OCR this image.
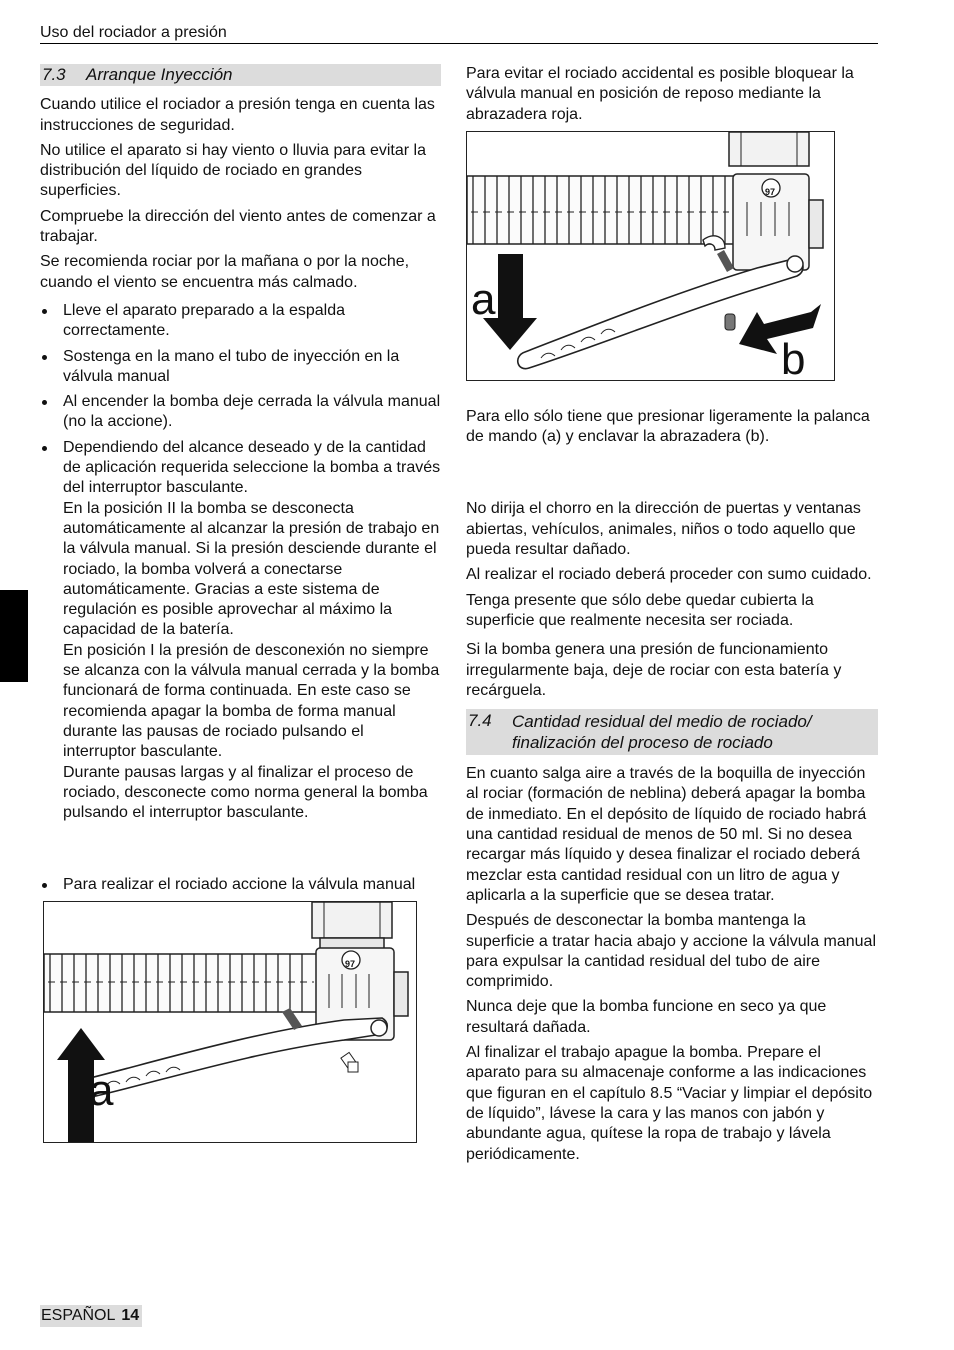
Uso del rociador a presión
7.3 Arranque Inyección

Cuando utilice el rociador a presión tenga en cuenta las instrucciones de seguridad.

No utilice el aparato si hay viento o lluvia para evitar la distribución del líquido de rociado en grandes superficies.

Compruebe la dirección del viento antes de comenzar a trabajar.

Se recomienda rociar por la mañana o por la noche, cuando el viento se encuentra más calmado.

Lleve el aparato preparado a la espalda correctamente.
Sostenga en la mano el tubo de inyección en la válvula manual
Al encender la bomba deje cerrada la válvula manual (no la accione).
Dependiendo del alcance deseado y de la cantidad de aplicación requerida seleccione la bomba a través del interruptor basculante.
En la posición II la bomba se desconecta automáticamente al alcanzar la presión de trabajo en la válvula manual. Si la presión desciende durante el rociado, la bomba volverá a conectarse automáticamente. Gracias a este sistema de regulación es posible aprovechar al máximo la capacidad de la batería.
En posición I la presión de desconexión no siempre se alcanza con la válvula manual cerrada y la bomba funcionará de forma continuada. En este caso se recomienda apagar la bomba de forma manual durante las pausas de rociado pulsando el interruptor basculante.
Durante pausas largas y al finalizar el proceso de rociado, desconecte como norma general la bomba pulsando el interruptor basculante.
Para realizar el rociado accione la válvula manual
a
97

Para evitar el rociado accidental es posible bloquear la válvula manual en posición de reposo mediante la abrazadera roja.

a
b
97

Para ello sólo tiene que presionar ligeramente la palanca de mando (a) y enclavar la abrazadera (b).

No dirija el chorro en la dirección de puertas y ventanas abiertas, vehículos, animales, niños o todo aquello que pueda resultar dañado.

Al realizar el rociado deberá proceder con sumo cuidado.

Tenga presente que sólo debe quedar cubierta la superficie que realmente necesita ser rociada.

Si la bomba genera una presión de funcionamiento irregularmente baja, deje de rociar con esta batería y recárguela.

7.4	Cantidad residual del medio de rociado/ finalización del proceso de rociado

En cuanto salga aire a través de la boquilla de inyección al rociar (formación de neblina) deberá apagar la bomba de inmediato. En el depósito de líquido de rociado habrá una cantidad residual de menos de 50 ml. Si no desea recargar más líquido y desea finalizar el rociado deberá mezclar esta cantidad residual con un litro de agua y aplicarla a la superficie que se desea tratar.

Después de desconectar la bomba mantenga la superficie a tratar hacia abajo y accione la válvula manual para expulsar la cantidad residual del tubo de aire comprimido.

Nunca deje que la bomba funcione en seco ya que resultará dañada.

Al finalizar el trabajo apague la bomba. Prepare el aparato para su almacenaje conforme a las indicaciones que figuran en el capítulo 8.5 “Vaciar y limpiar el depósito de líquido”, lávese la cara y las manos con jabón y abundante agua, quítese la ropa de trabajo y lávela periódicamente.

ESPAÑOL 14
